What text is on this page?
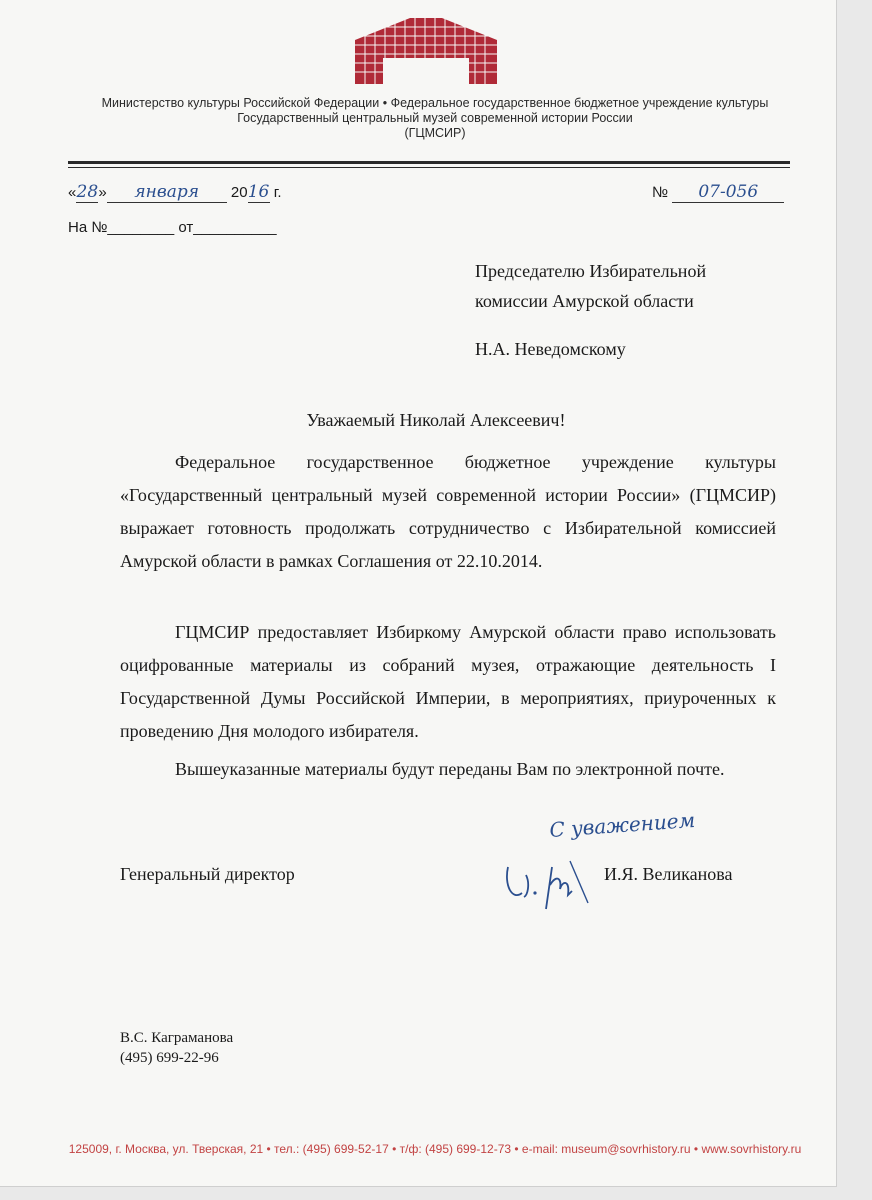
Министерство культуры Российской Федерации • Федеральное государственное бюджетное учреждение культуры
Государственный центральный музей современной истории России
(ГЦМСИР)
«28» января 2016 г.	№ 07-056
На №________ от__________
Председателю Избирательной
комиссии Амурской области
Н.А. Неведомскому
Уважаемый Николай Алексеевич!
Федеральное государственное бюджетное учреждение культуры «Государственный центральный музей современной истории России» (ГЦМСИР) выражает готовность продолжать сотрудничество с Избирательной комиссией Амурской области в рамках Соглашения от 22.10.2014.
ГЦМСИР предоставляет Избиркому Амурской области право использовать оцифрованные материалы из собраний музея, отражающие деятельность I Государственной Думы Российской Империи, в мероприятиях, приуроченных к проведению Дня молодого избирателя.
Вышеуказанные материалы будут переданы Вам по электронной почте.
Генеральный директор
С уважением
И.Я. Великанова
В.С. Каграманова
(495) 699-22-96
125009, г. Москва, ул. Тверская, 21 • тел.: (495) 699-52-17 • т/ф: (495) 699-12-73 • e-mail: museum@sovrhistory.ru • www.sovrhistory.ru
